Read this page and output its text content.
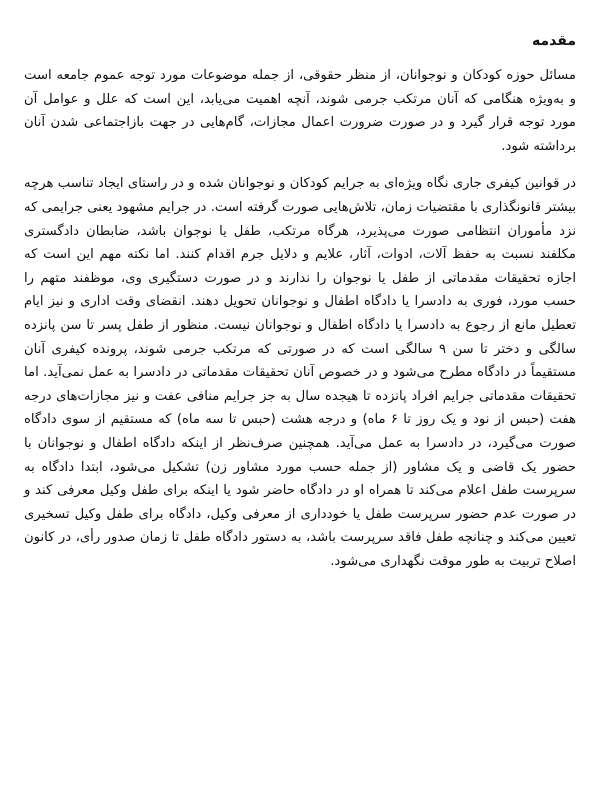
مقدمه

مسائل حوزه کودکان و نوجوانان، از منظر حقوقی، از جمله موضوعات مورد توجه عموم جامعه است و به‌ویژه هنگامی که آنان مرتکب جرمی شوند، آنچه اهمیت می‌یابد، این است که علل و عوامل آن مورد توجه قرار گیرد و در صورت ضرورت اعمال مجازات، گام‌هایی در جهت بازاجتماعی شدن آنان برداشته شود.

در قوانین کیفری جاری نگاه ویژه‌ای به جرایم کودکان و نوجوانان شده و در راستای ایجاد تناسب هرچه بیشتر قانونگذاری با مقتضیات زمان، تلاش‌هایی صورت گرفته است. در جرایم مشهود یعنی جرایمی که نزد مأموران انتظامی صورت می‌پذیرد، هرگاه مرتکب، طفل یا نوجوان باشد، ضابطان دادگستری مکلفند نسبت به حفظ آلات، ادوات، آثار، علایم و دلایل جرم اقدام کنند. اما نکته مهم این است که اجازه تحقیقات مقدماتی از طفل یا نوجوان را ندارند و در صورت دستگیری وی، موظفند متهم را حسب مورد، فوری به دادسرا یا دادگاه اطفال و نوجوانان تحویل دهند. انقضای وقت اداری و نیز ایام تعطیل مانع از رجوع به دادسرا یا دادگاه اطفال و نوجوانان نیست. منظور از طفل پسر تا سن پانزده سالگی و دختر تا سن ۹ سالگی است که در صورتی که مرتکب جرمی شوند، پرونده کیفری آنان مستقیماً در دادگاه مطرح می‌شود و در خصوص آنان تحقیقات مقدماتی در دادسرا به عمل نمی‌آید. اما تحقیقات مقدماتی جرایم افراد پانزده تا هیجده سال به جز جرایم منافی عفت و نیز مجازات‌های درجه هفت (حبس از نود و یک روز تا ۶ ماه) و درجه هشت (حبس تا سه ماه) که مستقیم از سوی دادگاه صورت می‌گیرد، در دادسرا به عمل می‌آید. همچنین صرف‌نظر از اینکه دادگاه اطفال و نوجوانان با حضور یک قاضی و یک مشاور (از جمله حسب مورد مشاور زن) تشکیل می‌شود، ابتدا دادگاه به سرپرست طفل اعلام می‌کند تا همراه او در دادگاه حاضر شود یا اینکه برای طفل وکیل معرفی کند و در صورت عدم حضور سرپرست طفل یا خودداری از معرفی وکیل، دادگاه برای طفل وکیل تسخیری تعیین می‌کند و چنانچه طفل فاقد سرپرست باشد، به دستور دادگاه طفل تا زمان صدور رأی، در کانون اصلاح تربیت به طور موقت نگهداری می‌شود.
